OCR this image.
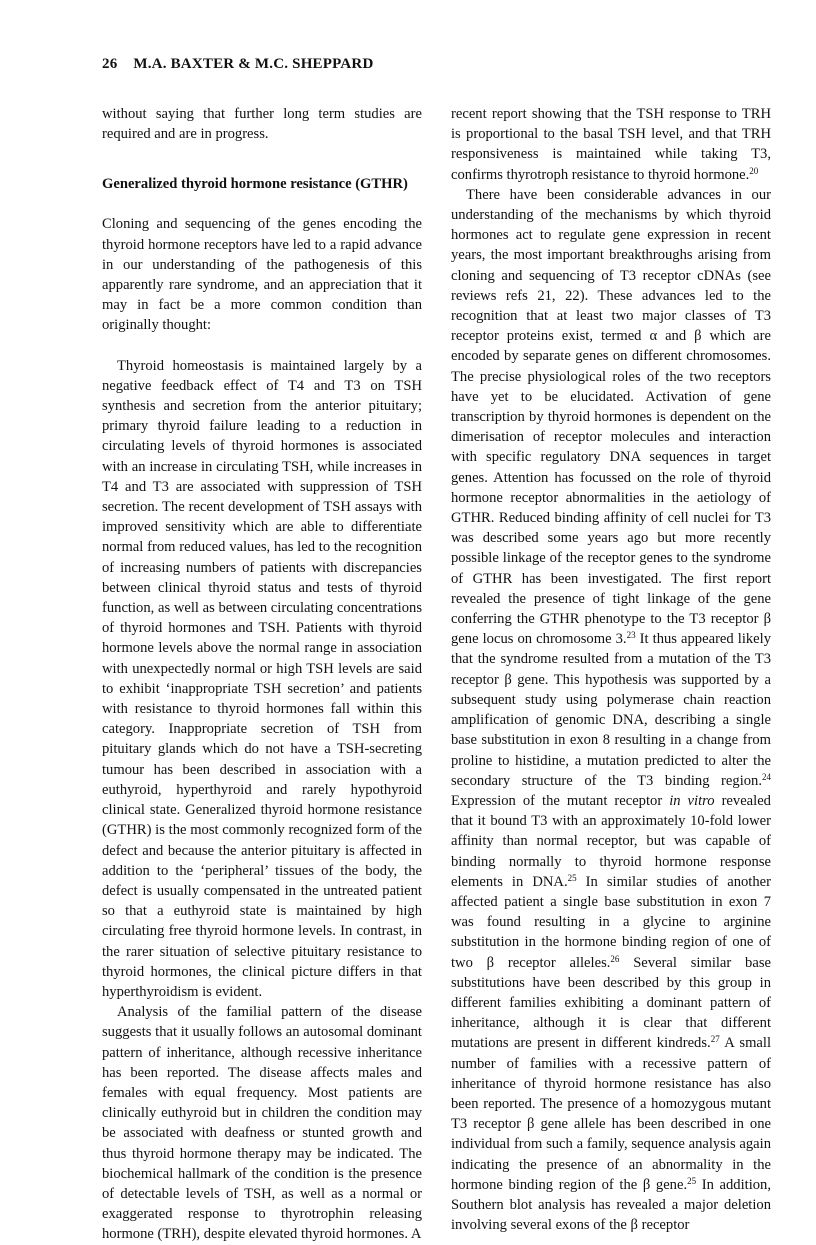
26 M.A. BAXTER & M.C. SHEPPARD

without saying that further long term studies are required and are in progress.

Generalized thyroid hormone resistance (GTHR)

Cloning and sequencing of the genes encoding the thyroid hormone receptors have led to a rapid advance in our understanding of the pathogenesis of this apparently rare syndrome, and an appreciation that it may in fact be a more common condition than originally thought:

Thyroid homeostasis is maintained largely by a negative feedback effect of T4 and T3 on TSH synthesis and secretion from the anterior pituitary; primary thyroid failure leading to a reduction in circulating levels of thyroid hormones is associated with an increase in circulating TSH, while increases in T4 and T3 are associated with suppression of TSH secretion. The recent development of TSH assays with improved sensitivity which are able to differentiate normal from reduced values, has led to the recognition of increasing numbers of patients with discrepancies between clinical thyroid status and tests of thyroid function, as well as between circulating concentrations of thyroid hormones and TSH. Patients with thyroid hormone levels above the normal range in association with unexpectedly normal or high TSH levels are said to exhibit ‘inappropriate TSH secretion’ and patients with resistance to thyroid hormones fall within this category. Inappropriate secretion of TSH from pituitary glands which do not have a TSH-secreting tumour has been described in association with a euthyroid, hyperthyroid and rarely hypothyroid clinical state. Generalized thyroid hormone resistance (GTHR) is the most commonly recognized form of the defect and because the anterior pituitary is affected in addition to the ‘peripheral’ tissues of the body, the defect is usually compensated in the untreated patient so that a euthyroid state is maintained by high circulating free thyroid hormone levels. In contrast, in the rarer situation of selective pituitary resistance to thyroid hormones, the clinical picture differs in that hyperthyroidism is evident.

Analysis of the familial pattern of the disease suggests that it usually follows an autosomal dominant pattern of inheritance, although recessive inheritance has been reported. The disease affects males and females with equal frequency. Most patients are clinically euthyroid but in children the condition may be associated with deafness or stunted growth and thus thyroid hormone therapy may be indicated. The biochemical hallmark of the condition is the presence of detectable levels of TSH, as well as a normal or exaggerated response to thyrotrophin releasing hormone (TRH), despite elevated thyroid hormones. A

recent report showing that the TSH response to TRH is proportional to the basal TSH level, and that TRH responsiveness is maintained while taking T3, confirms thyrotroph resistance to thyroid hormone.$^{20}$

There have been considerable advances in our understanding of the mechanisms by which thyroid hormones act to regulate gene expression in recent years, the most important breakthroughs arising from cloning and sequencing of T3 receptor cDNAs (see reviews refs 21, 22). These advances led to the recognition that at least two major classes of T3 receptor proteins exist, termed α and β which are encoded by separate genes on different chromosomes. The precise physiological roles of the two receptors have yet to be elucidated. Activation of gene transcription by thyroid hormones is dependent on the dimerisation of receptor molecules and interaction with specific regulatory DNA sequences in target genes. Attention has focussed on the role of thyroid hormone receptor abnormalities in the aetiology of GTHR. Reduced binding affinity of cell nuclei for T3 was described some years ago but more recently possible linkage of the receptor genes to the syndrome of GTHR has been investigated. The first report revealed the presence of tight linkage of the gene conferring the GTHR phenotype to the T3 receptor β gene locus on chromosome 3.23 It thus appeared likely that the syndrome resulted from a mutation of the T3 receptor β gene. This hypothesis was supported by a subsequent study using polymerase chain reaction amplification of genomic DNA, describing a single base substitution in exon 8 resulting in a change from proline to histidine, a mutation predicted to alter the secondary structure of the T3 binding region.$^{24}$ Expression of the mutant receptor in vitro revealed that it bound T3 with an approximately 10-fold lower affinity than normal receptor, but was capable of binding normally to thyroid hormone response elements in DNA.$^{25}$ In similar studies of another affected patient a single base substitution in exon 7 was found resulting in a glycine to arginine substitution in the hormone binding region of one of two β receptor alleles.$^{26}$ Several similar base substitutions have been described by this group in different families exhibiting a dominant pattern of inheritance, although it is clear that different mutations are present in different kindreds.$^{27}$ A small number of families with a recessive pattern of inheritance of thyroid hormone resistance has also been reported. The presence of a homozygous mutant T3 receptor β gene allele has been described in one individual from such a family, sequence analysis again indicating the presence of an abnormality in the hormone binding region of the β gene.$^{25}$ In addition, Southern blot analysis has revealed a major deletion involving several exons of the β receptor
